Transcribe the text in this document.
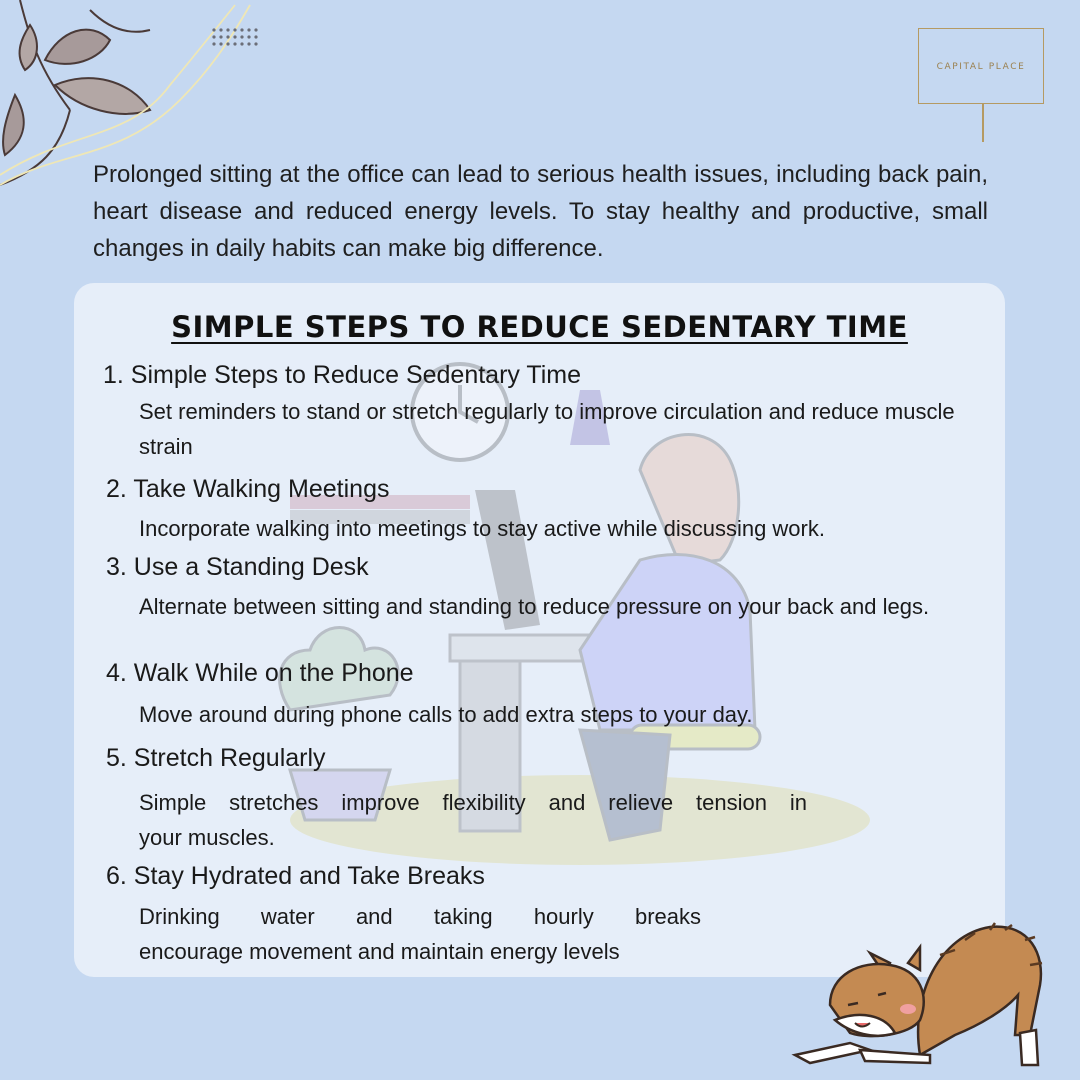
CAPITAL PLACE
Prolonged sitting at the office can lead to serious health issues, including back pain, heart disease and reduced energy levels. To stay healthy and productive, small changes in daily habits can make big difference.
SIMPLE STEPS TO REDUCE SEDENTARY TIME
1. Simple Steps to Reduce Sedentary Time
Set reminders to stand or stretch regularly to improve circulation and reduce muscle strain
2. Take Walking Meetings
Incorporate walking into meetings to stay active while discussing work.
3. Use a Standing Desk
Alternate between sitting and standing to reduce pressure on your back and legs.
4. Walk While on the Phone
Move around during phone calls to add extra steps to your day.
5. Stretch Regularly
Simple stretches improve flexibility and relieve tension in
your muscles.
6. Stay Hydrated and Take Breaks
Drinking water and taking hourly breaks
encourage movement and maintain energy levels
